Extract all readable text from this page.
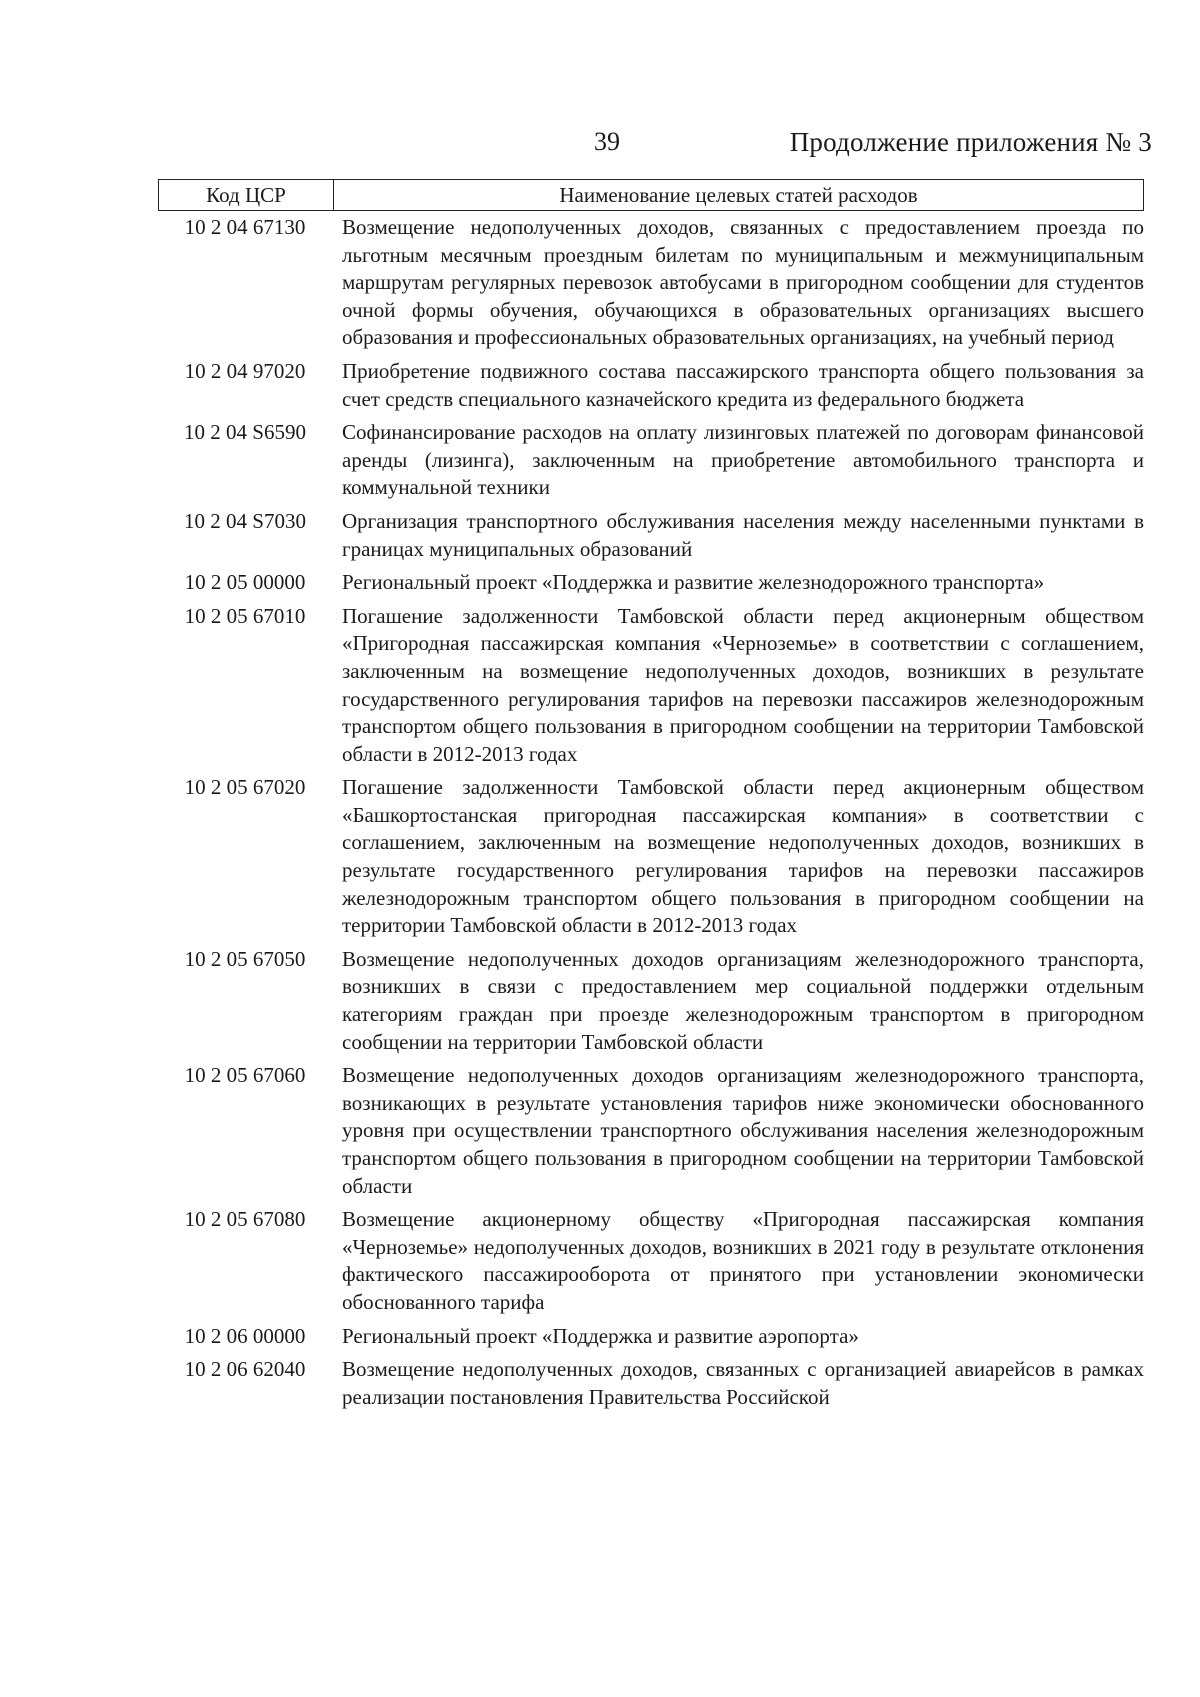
39	Продолжение приложения № 3
Код ЦСР	Наименование целевых статей расходов
10 2 04 67130	Возмещение недополученных доходов, связанных с предоставлением проезда по льготным месячным проездным билетам по муниципальным и межмуниципальным маршрутам регулярных перевозок автобусами в пригородном сообщении для студентов очной формы обучения, обучающихся в образовательных организациях высшего образования и профессиональных образовательных организациях, на учебный период
10 2 04 97020	Приобретение подвижного состава пассажирского транспорта общего пользования за счет средств специального казначейского кредита из федерального бюджета
10 2 04 S6590	Софинансирование расходов на оплату лизинговых платежей по договорам финансовой аренды (лизинга), заключенным на приобретение автомобильного транспорта и коммунальной техники
10 2 04 S7030	Организация транспортного обслуживания населения между населенными пунктами в границах муниципальных образований
10 2 05 00000	Региональный проект «Поддержка и развитие железнодорожного транспорта»
10 2 05 67010	Погашение задолженности Тамбовской области перед акционерным обществом «Пригородная пассажирская компания «Черноземье» в соответствии с соглашением, заключенным на возмещение недополученных доходов, возникших в результате государственного регулирования тарифов на перевозки пассажиров железнодорожным транспортом общего пользования в пригородном сообщении на территории Тамбовской области в 2012-2013 годах
10 2 05 67020	Погашение задолженности Тамбовской области перед акционерным обществом «Башкортостанская пригородная пассажирская компания» в соответствии с соглашением, заключенным на возмещение недополученных доходов, возникших в результате государственного регулирования тарифов на перевозки пассажиров железнодорожным транспортом общего пользования в пригородном сообщении на территории Тамбовской области в 2012-2013 годах
10 2 05 67050	Возмещение недополученных доходов организациям железнодорожного транспорта, возникших в связи с предоставлением мер социальной поддержки отдельным категориям граждан при проезде железнодорожным транспортом в пригородном сообщении на территории Тамбовской области
10 2 05 67060	Возмещение недополученных доходов организациям железнодорожного транспорта, возникающих в результате установления тарифов ниже экономически обоснованного уровня при осуществлении транспортного обслуживания населения железнодорожным транспортом общего пользования в пригородном сообщении на территории Тамбовской области
10 2 05 67080	Возмещение акционерному обществу «Пригородная пассажирская компания «Черноземье» недополученных доходов, возникших в 2021 году в результате отклонения фактического пассажирооборота от принятого при установлении экономически обоснованного тарифа
10 2 06 00000	Региональный проект «Поддержка и развитие аэропорта»
10 2 06 62040	Возмещение недополученных доходов, связанных с организацией авиарейсов в рамках реализации постановления Правительства Российской
